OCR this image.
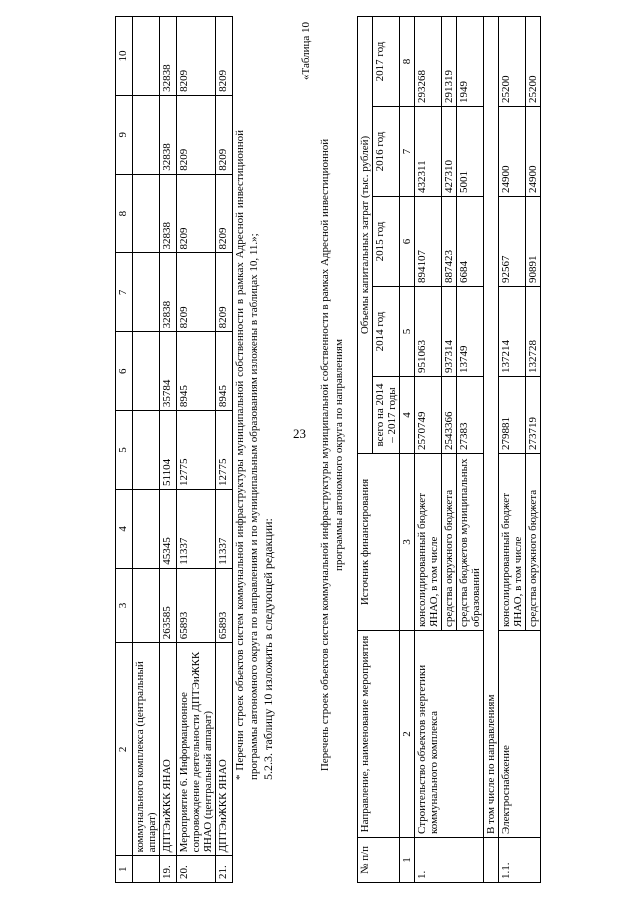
23
1	2	3	4	5	6	7	8	9	10
	коммунального комплекса (центральный аппарат)								
19.	ДПТЭиЖКК ЯНАО	263585	45345	51104	35784	32838	32838	32838	32838
20.	Мероприятие 6. Информационное сопровождение деятельности ДПТЭиЖКК ЯНАО (центральный аппарат)	65893	11337	12775	8945	8209	8209	8209	8209
21.	ДПТЭиЖКК ЯНАО	65893	11337	12775	8945	8209	8209	8209	8209
* Перечни строек объектов систем коммунальной инфраструктуры муниципальной собственности в рамках Адресной инвестиционной программы автономного округа по направлениям и по муниципальным образованиям изложены в таблицах 10, 11.»; 5.2.3. таблицу 10 изложить в следующей редакции:
«Таблица 10
Перечень строек объектов систем коммунальной инфраструктуры муниципальной собственности в рамках Адресной инвестиционной программы автономного округа по направлениям
№ п/п	Направление, наименование мероприятия	Источник финансирования	Объемы капитальных затрат (тыс. рублей)				
			всего на 2014 – 2017 годы	2014 год	2015 год	2016 год	2017 год
1	2	3	4	5	6	7	8
1.	Строительство объектов энергетики коммунального комплекса	консолидированный бюджет ЯНАО, в том числе	2570749	951063	894107	432311	293268
		средства окружного бюджета	2543366	937314	887423	427310	291319
		средства бюджетов муниципальных образований	27383	13749	6684	5001	1949
	В том числе по направлениям						
1.1.	Электроснабжение	консолидированный бюджет ЯНАО, в том числе	279881	137214	92567	24900	25200
		средства окружного бюджета	273719	132728	90891	24900	25200
